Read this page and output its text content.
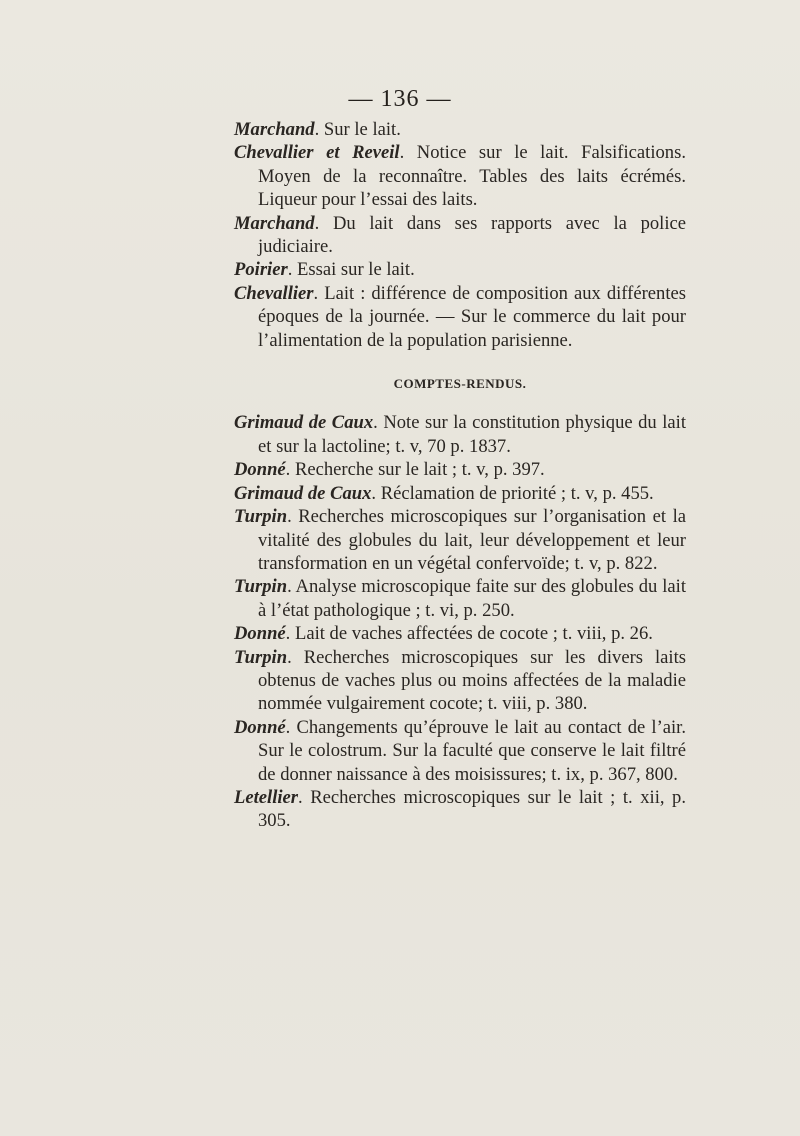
— 136 —

Marchand. Sur le lait.

Chevallier et Reveil. Notice sur le lait. Falsifications. Moyen de la reconnaître. Tables des laits écrémés. Liqueur pour l’essai des laits.

Marchand. Du lait dans ses rapports avec la police judiciaire.

Poirier. Essai sur le lait.

Chevallier. Lait : différence de composition aux différentes époques de la journée. — Sur le commerce du lait pour l’alimentation de la population parisienne.

COMPTES-RENDUS.

Grimaud de Caux. Note sur la constitution physique du lait et sur la lactoline; t. v, 70 p. 1837.

Donné. Recherche sur le lait ; t. v, p. 397.

Grimaud de Caux. Réclamation de priorité ; t. v, p. 455.

Turpin. Recherches microscopiques sur l’organisation et la vitalité des globules du lait, leur développement et leur transformation en un végétal confervoïde; t. v, p. 822.

Turpin. Analyse microscopique faite sur des globules du lait à l’état pathologique ; t. vi, p. 250.

Donné. Lait de vaches affectées de cocote ; t. viii, p. 26.

Turpin. Recherches microscopiques sur les divers laits obtenus de vaches plus ou moins affectées de la maladie nommée vulgairement cocote; t. viii, p. 380.

Donné. Changements qu’éprouve le lait au contact de l’air. Sur le colostrum. Sur la faculté que conserve le lait filtré de donner naissance à des moisissures; t. ix, p. 367, 800.

Letellier. Recherches microscopiques sur le lait ; t. xii, p. 305.
